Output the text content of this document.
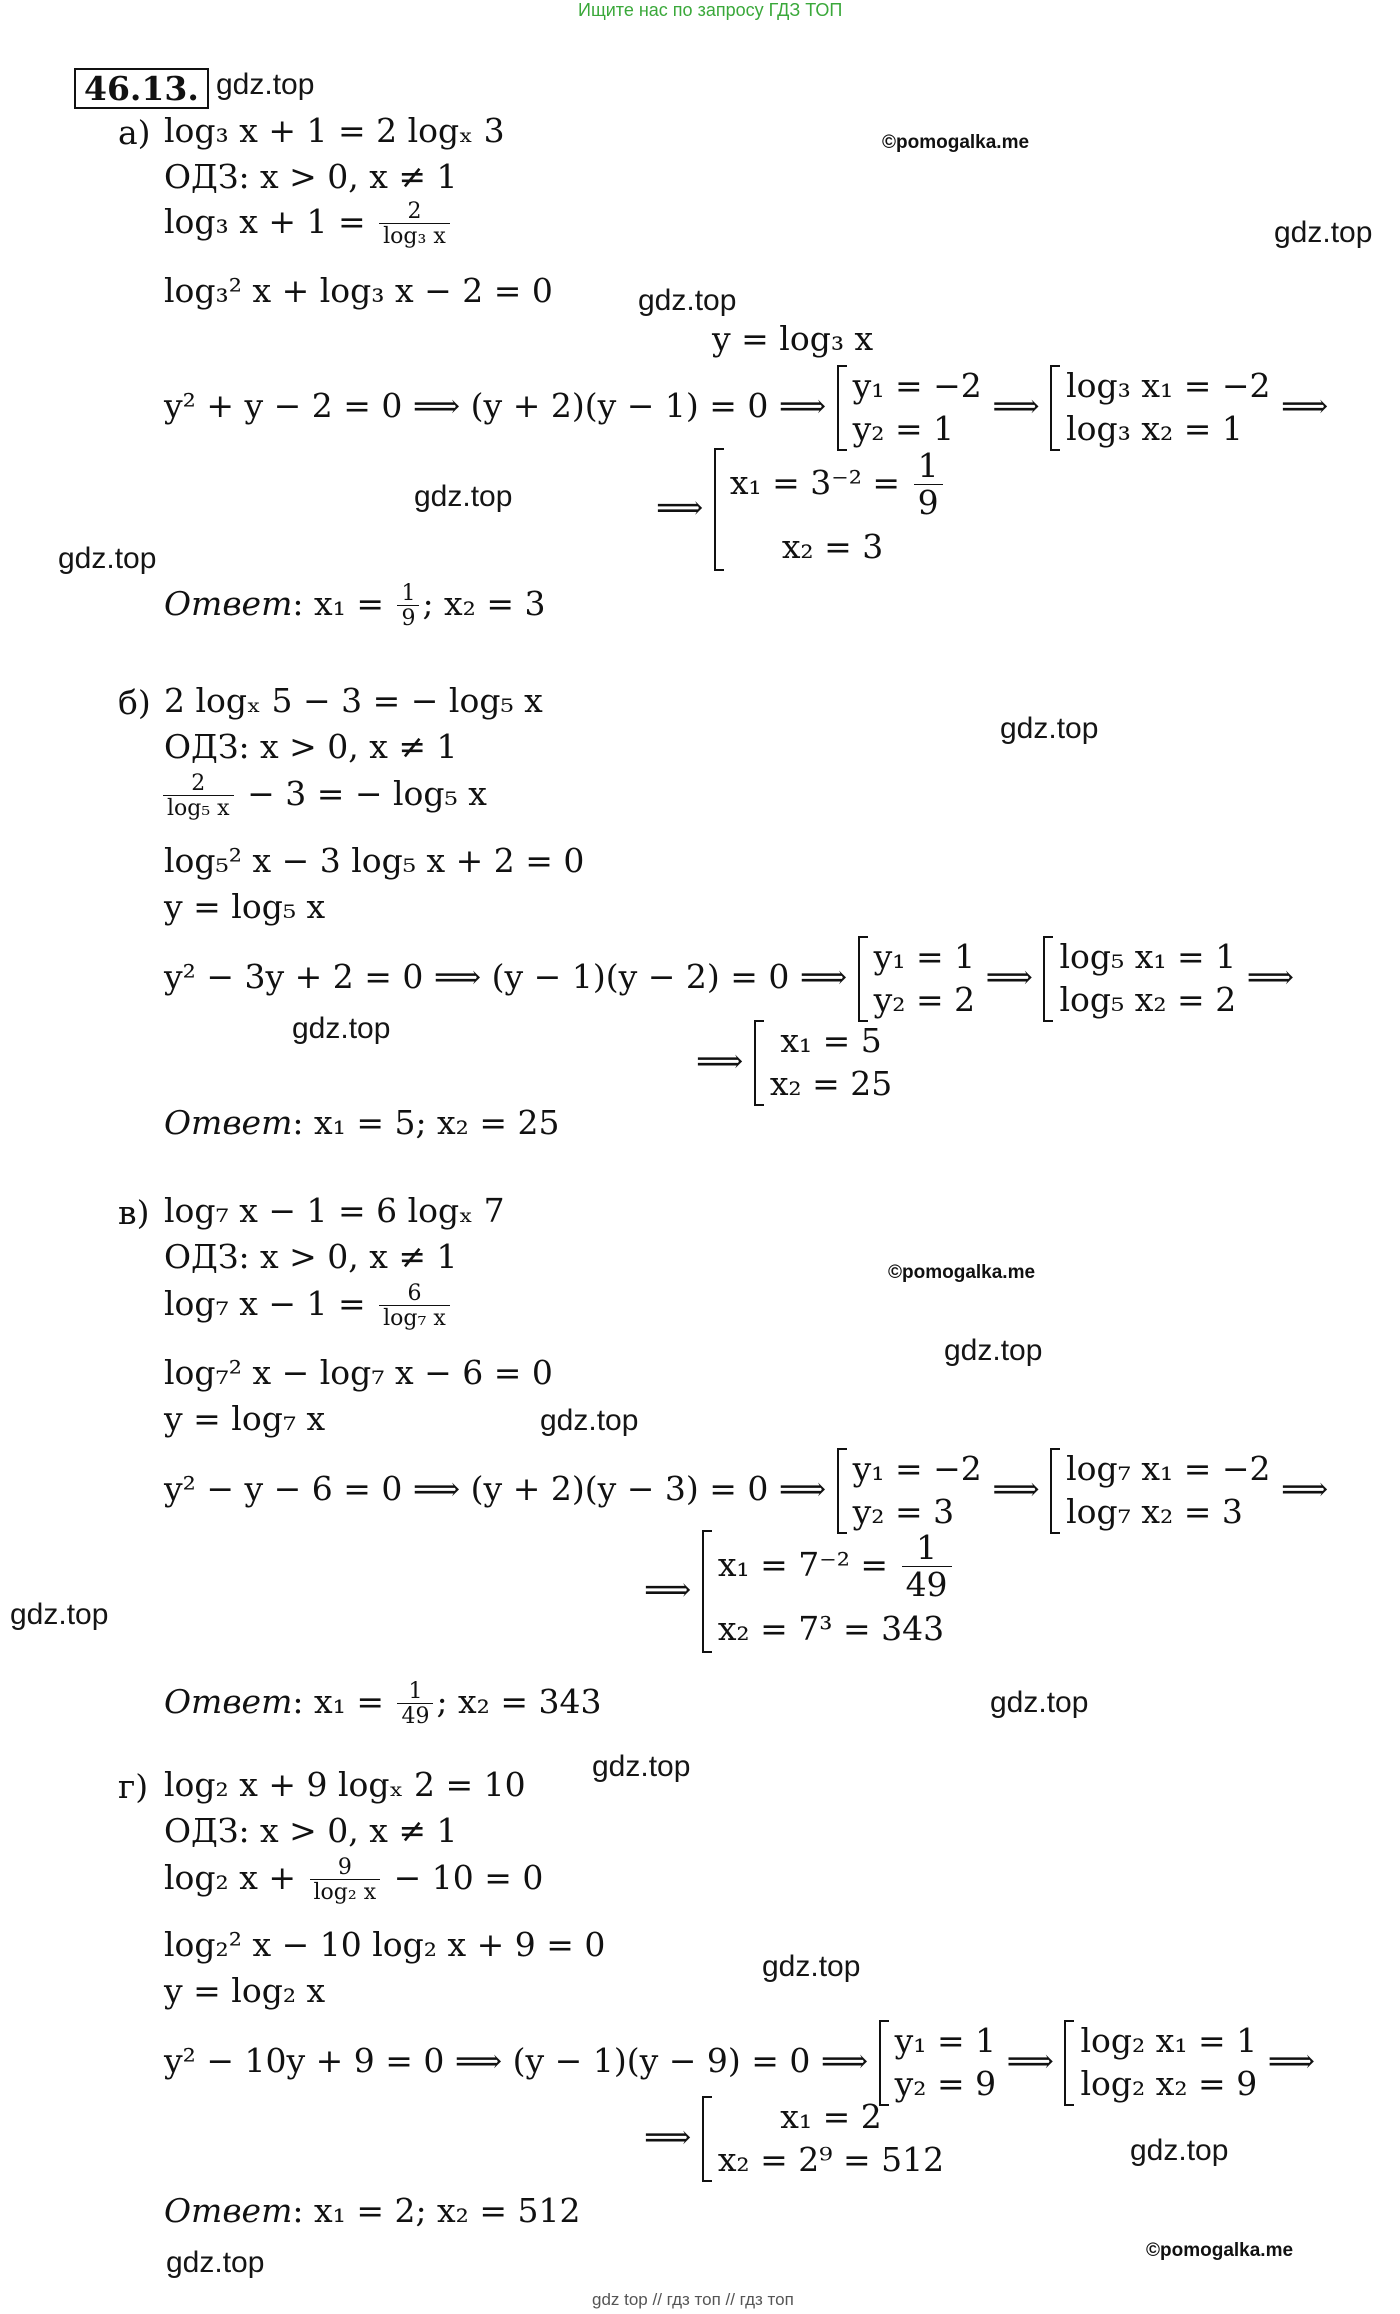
Ищите нас по запросу ГДЗ ТОП
46.13. gdz.top
а) log₃ x + 1 = 2 logₓ 3	©pomogalka.me
ОДЗ: x > 0, x ≠ 1
gdz.top
log₃ $x + 1 = \frac{2}{\text{log₃ x}}$
log₃² x + log₃ x − 2 = 0	gdz.top
y = log₃ x
y² + y − 2 = 0 ⟹ (y + 2)(y − 1) = 0 ⟹
y₁ = −2
y₂ = 1
⟹
log₃ x₁ = −2
log₃ x₂ = 1
⟹
gdz.top	⟹
$x_1 = 3^{-2} = \frac{1}{9}$
x₂ = 3
gdz.top
Ответ: $x_1 = \frac{1}{9}$ ; x₂ = 3
б) 2 logₓ 5 − 3 = − log₅ x
gdz.top
ОДЗ: x > 0, x ≠ 1
$\frac{2}{\text{log₅ x}} - 3$ = − log₅ x
log₅² x − 3 log₅ x + 2 = 0
y = log₅ x
y² − 3y + 2 = 0 ⟹ (y − 1)(y − 2) = 0 ⟹
y₁ = 1
y₂ = 2
⟹
log₅ x₁ = 1
log₅ x₂ = 2
⟹
gdz.top
⟹
x₁ = 5
x₂ = 25
Ответ: x₁ = 5; x₂ = 25
в) log₇ x − 1 = 6 logₓ 7
ОДЗ: x > 0, x ≠ 1	©pomogalka.me
log₇ $x - 1 = \frac{6}{\text{log₇ x}}$
gdz.top
log₇² x − log₇ x − 6 = 0
y = log₇ x	gdz.top
y² − y − 6 = 0 ⟹ (y + 2)(y − 3) = 0 ⟹
y₁ = −2
y₂ = 3
⟹
log₇ x₁ = −2
log₇ x₂ = 3
⟹
⟹
$x_1 = 7^{-2} = \frac{1}{49}$
x₂ = 7³ = 343
gdz.top
Ответ: $x_1 = \frac{1}{49}$ ; x₂ = 343	gdz.top
г) log₂ x + 9 logₓ 2 = 10 gdz.top
ОДЗ: x > 0, x ≠ 1
log₂ $x + \frac{9}{\text{log₂ x}} - 10 = 0$
log₂² x − 10 log₂ x + 9 = 0
gdz.top
y = log₂ x
y² − 10y + 9 = 0 ⟹ (y − 1)(y − 9) = 0 ⟹
y₁ = 1
y₂ = 9
⟹
log₂ x₁ = 1
log₂ x₂ = 9
⟹
⟹
x₁ = 2
x₂ = 2⁹ = 512	gdz.top
Ответ: x₁ = 2; x₂ = 512
©pomogalka.me
gdz.top
gdz top // гдз топ // гдз топ
